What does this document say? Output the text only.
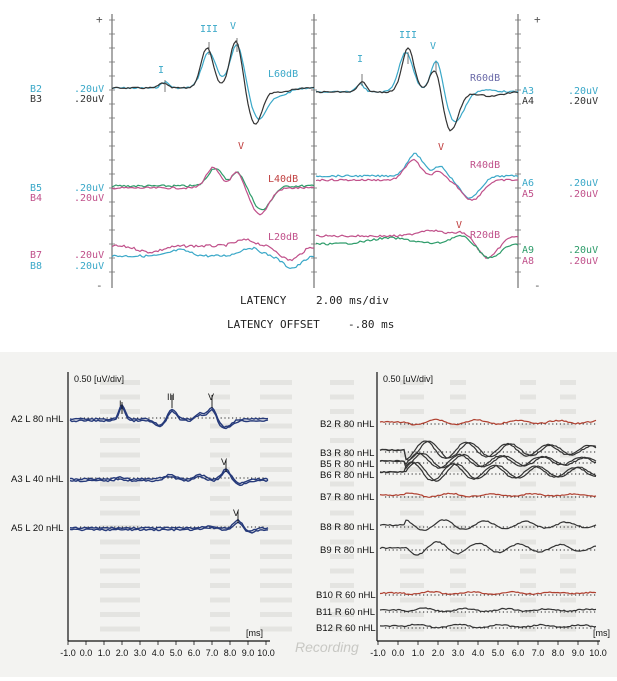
+	+
-	-
B2	.20uV
B3	.20uV
B5	.20uV
B4	.20uV
B7	.20uV
B8	.20uV
A3	.20uV
A4	.20uV
A6	.20uV
A5	.20uV
A9	.20uV
A8	.20uV
L60dB
L40dB
L20dB
R60dB
R40dB
R20dB
I
III V
V
I
III
V
V
V
LATENCY	2.00 ms/div
LATENCY OFFSET	-.80 ms
0.50 [uV/div]
[ms]
-1.0 0.0 1.0 2.0 3.0 4.0 5.0 6.0 7.0 8.0 9.0 10.0
A2 L 80 nHL
A3 L 40 nHL
A5 L 20 nHL
I
III	V
V
V
0.50 [uV/div]
[ms]
-1.0 0.0 1.0 2.0 3.0 4.0 5.0 6.0 7.0 8.0 9.0 10.0
B2 R 80 nHL
B3 R 80 nHL
B5 R 80 nHL
B6 R 80 nHL
B7 R 80 nHL
B8 R 80 nHL
B9 R 80 nHL
B10 R 60 nHL
B11 R 60 nHL
B12 R 60 nHL
Recording
